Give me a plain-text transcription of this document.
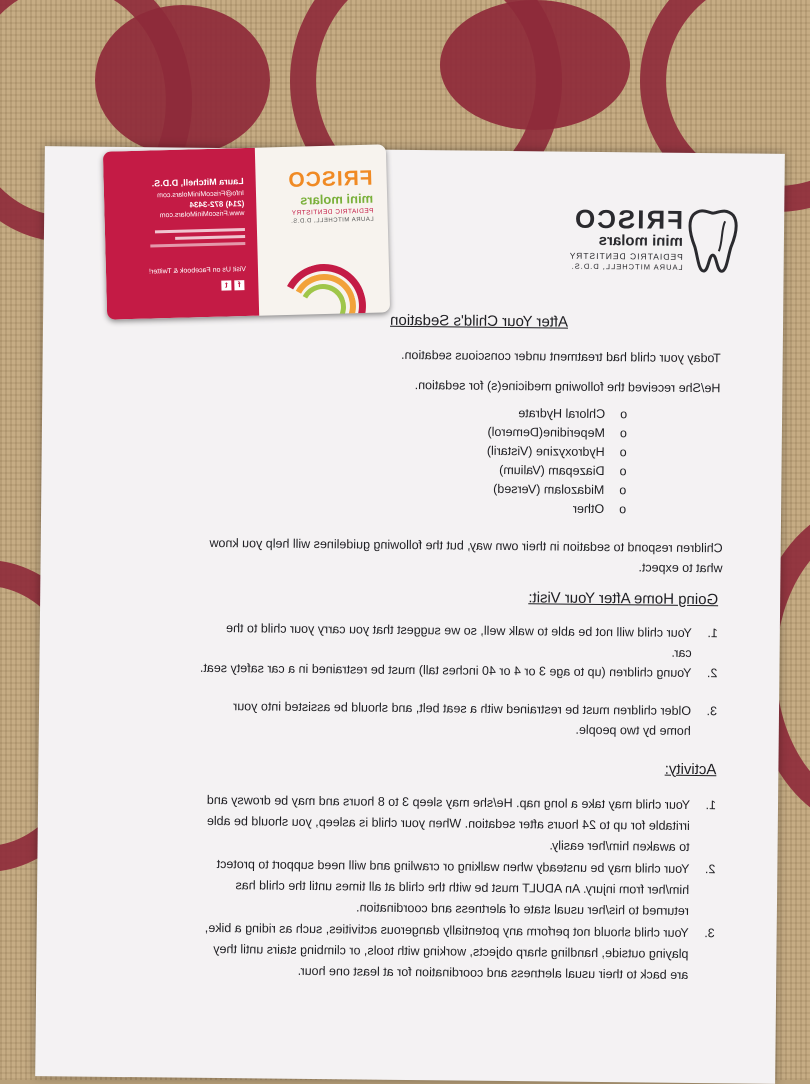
FRISCO
mini molars
PEDIATRIC DENTISTRY
LAURA MITCHELL, D.D.S.
After Your Child's Sedation
Today your child had treatment under conscious sedation.
He/She received the following medicine(s) for sedation.
oChloral Hydrate
oMeperidine(Demerol)
oHydroxyzine (Vistaril)
oDiazepam (Valium)
oMidazolam (Versed)
oOther
Children respond to sedation in their own way, but the following guidelines will help you know
what to expect.
Going Home After Your Visit:
1.
Your child will not be able to walk well, so we suggest that you carry your child to the
car.
2.
Young children (up to age 3 or 4 or 40 inches tall) must be restrained in a car safety seat.
3.
Older children must be restrained with a seat belt, and should be assisted into your
home by two people.
Activity:
1.
Your child may take a long nap. He/she may sleep 3 to 8 hours and may be drowsy and
irritable for up to 24 hours after sedation. When your child is asleep, you should be able
to awaken him/her easily.
2.
Your child may be unsteady when walking or crawling and will need support to protect
him/her from injury. An ADULT must be with the child at all times until the child has
returned to his/her usual state of alertness and coordination.
3.
Your child should not perform any potentially dangerous activities, such as riding a bike,
playing outside, handling sharp objects, working with tools, or climbing stairs until they
are back to their usual alertness and coordination for at least one hour.
FRISCO
mini molars
PEDIATRIC DENTISTRY
LAURA MITCHELL, D.D.S.
Laura Mitchell, D.D.S.
Info@FriscoMiniMolars.com
(214) 872-3434
www.FriscoMiniMolars.com
Visit Us on Facebook & Twitter!
f
t
